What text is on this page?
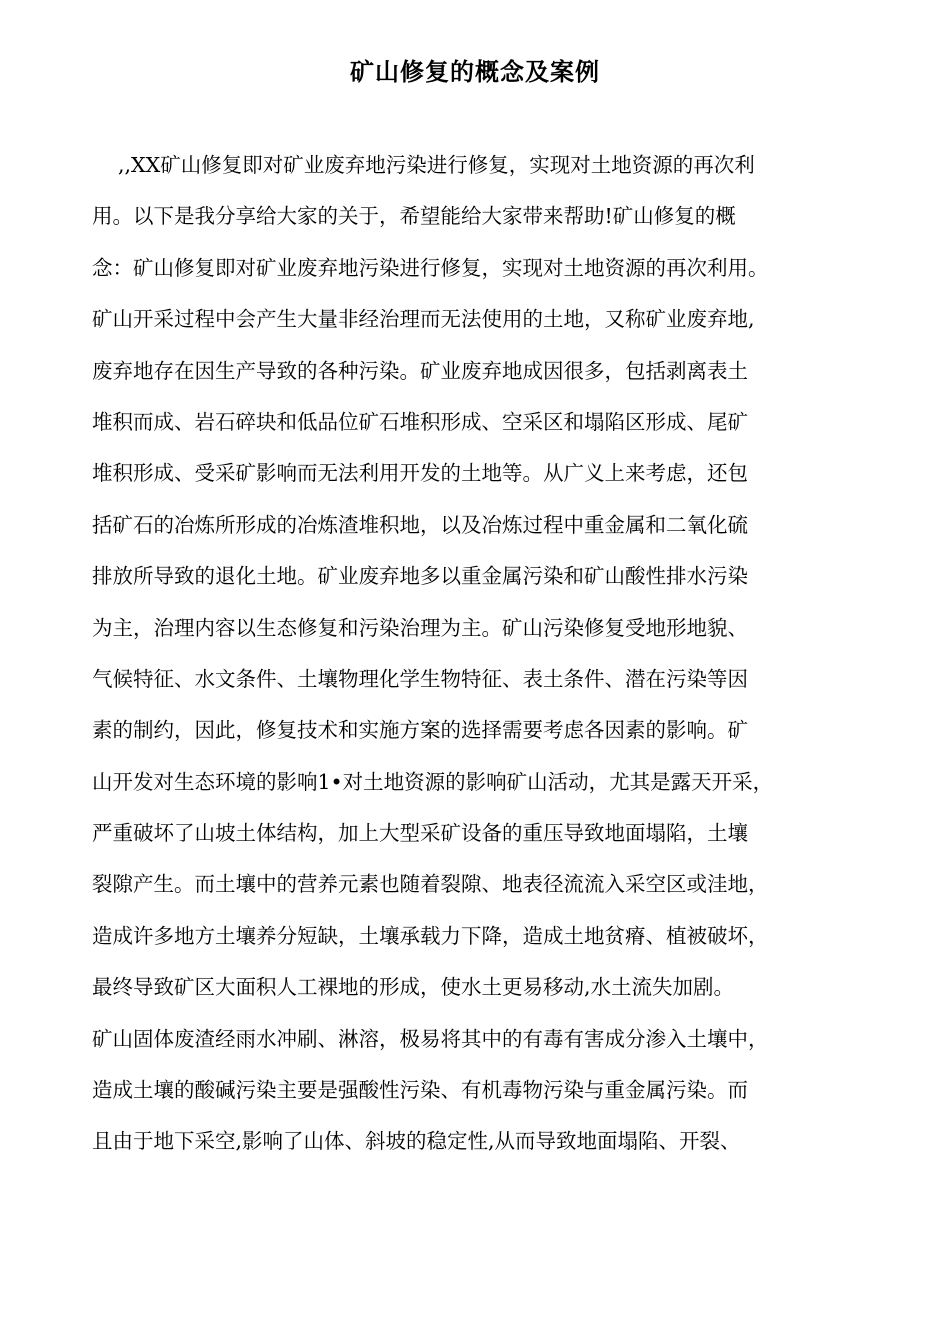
矿山修复的概念及案例
,,XX矿山修复即对矿业废弃地污染进行修复，实现对土地资源的再次利
用。以下是我分享给大家的关于，希望能给大家带来帮助!矿山修复的概
念：矿山修复即对矿业废弃地污染进行修复，实现对土地资源的再次利用。
矿山开采过程中会产生大量非经治理而无法使用的土地，又称矿业废弃地,
废弃地存在因生产导致的各种污染。矿业废弃地成因很多，包括剥离表土
堆积而成、岩石碎块和低品位矿石堆积形成、空采区和塌陷区形成、尾矿
堆积形成、受采矿影响而无法利用开发的土地等。从广义上来考虑，还包
括矿石的冶炼所形成的冶炼渣堆积地，以及冶炼过程中重金属和二氧化硫
排放所导致的退化土地。矿业废弃地多以重金属污染和矿山酸性排水污染
为主，治理内容以生态修复和污染治理为主。矿山污染修复受地形地貌、
气候特征、水文条件、土壤物理化学生物特征、表土条件、潜在污染等因
素的制约，因此，修复技术和实施方案的选择需要考虑各因素的影响。矿
山开发对生态环境的影响1•对土地资源的影响矿山活动，尤其是露天开采，
严重破坏了山坡土体结构，加上大型采矿设备的重压导致地面塌陷，土壤
裂隙产生。而土壤中的营养元素也随着裂隙、地表径流流入采空区或洼地，
造成许多地方土壤养分短缺，土壤承载力下降，造成土地贫瘠、植被破坏，
最终导致矿区大面积人工裸地的形成，使水土更易移动,水土流失加剧。
矿山固体废渣经雨水冲刷、淋溶，极易将其中的有毒有害成分渗入土壤中，
造成土壤的酸碱污染主要是强酸性污染、有机毒物污染与重金属污染。而
且由于地下采空,影响了山体、斜坡的稳定性,从而导致地面塌陷、开裂、
